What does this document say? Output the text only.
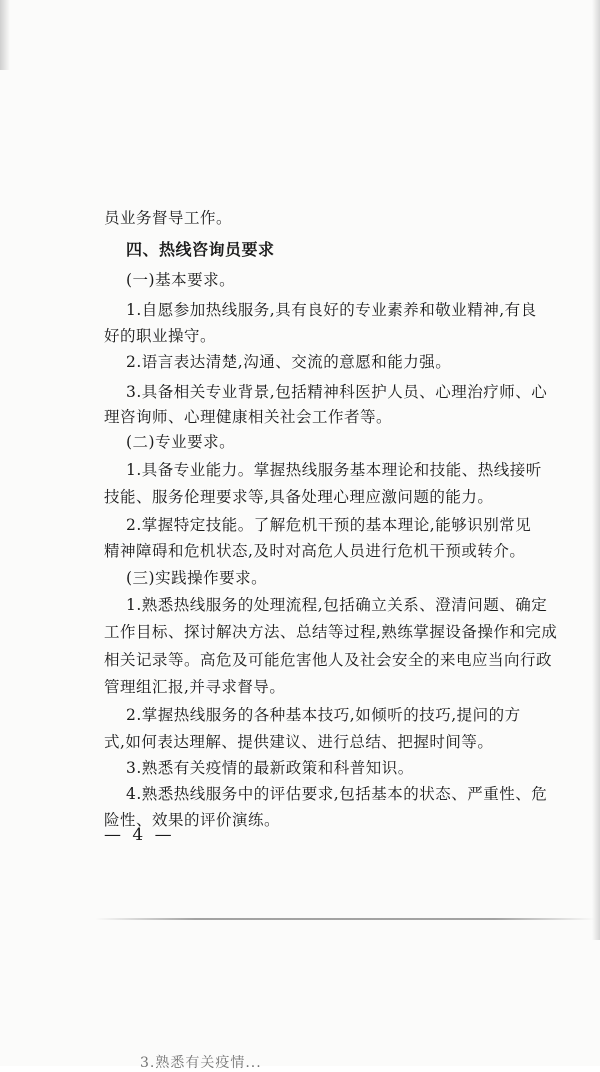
员业务督导工作。
四、热线咨询员要求
(一)基本要求。
1.自愿参加热线服务,具有良好的专业素养和敬业精神,有良
好的职业操守。
2.语言表达清楚,沟通、交流的意愿和能力强。
3.具备相关专业背景,包括精神科医护人员、心理治疗师、心
理咨询师、心理健康相关社会工作者等。
(二)专业要求。
1.具备专业能力。掌握热线服务基本理论和技能、热线接听
技能、服务伦理要求等,具备处理心理应激问题的能力。
2.掌握特定技能。了解危机干预的基本理论,能够识别常见
精神障碍和危机状态,及时对高危人员进行危机干预或转介。
(三)实践操作要求。
1.熟悉热线服务的处理流程,包括确立关系、澄清问题、确定
工作目标、探讨解决方法、总结等过程,熟练掌握设备操作和完成
相关记录等。高危及可能危害他人及社会安全的来电应当向行政
管理组汇报,并寻求督导。
2.掌握热线服务的各种基本技巧,如倾听的技巧,提问的方
式,如何表达理解、提供建议、进行总结、把握时间等。
3.熟悉有关疫情的最新政策和科普知识。
4.熟悉热线服务中的评估要求,包括基本的状态、严重性、危
险性、效果的评价演练。
— 4 —
3.熟悉有关疫情...
